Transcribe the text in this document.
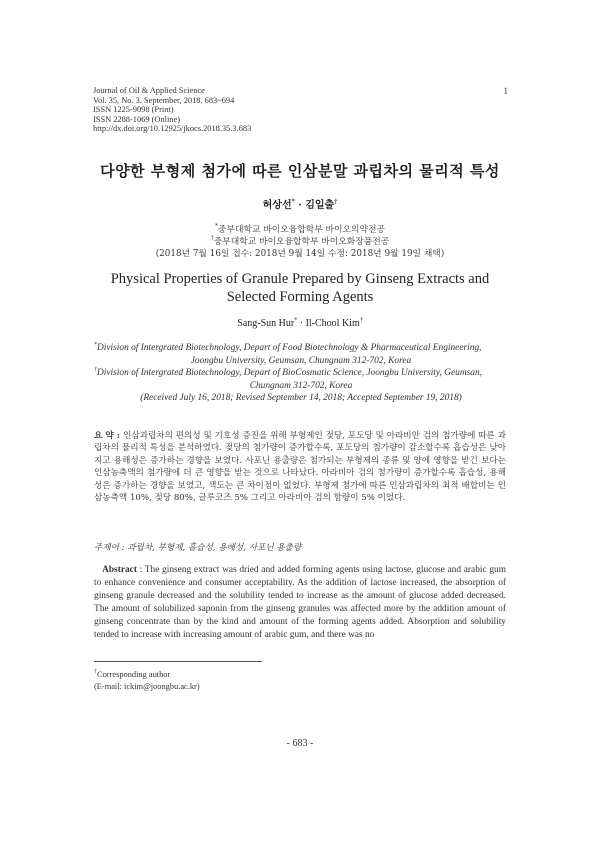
Journal of Oil & Applied Science
Vol. 35, No. 3. September, 2018. 683~694
ISSN 1225-9098 (Print)
ISSN 2288-1069 (Online)
http://dx.doi.org/10.12925/jkocs.2018.35.3.683
1
다양한 부형제 첨가에 따른 인삼분말 과립차의 물리적 특성
허상선* · 김일출†
*중부대학교 바이오융합학부 바이오의약전공
†중부대학교 바이오융합학부 바이오화장품전공
(2018년 7월 16일 접수: 2018년 9월 14일 수정: 2018년 9월 19일 채택)
Physical Properties of Granule Prepared by Ginseng Extracts and
Selected Forming Agents
Sang-Sun Hur* · Il-Chool Kim†
*Division of Intergrated Biotechnology, Depart of Food Biotechnology & Pharmaceutical Engineering,
Joongbu University, Geumsan, Chungnam 312-702, Korea
†Division of Intergrated Biotechnology, Depart of BioCosmatic Science, Joongbu University, Geumsan,
Chungnam 312-702, Korea
(Received July 16, 2018; Revised September 14, 2018; Accepted September 19, 2018)
요 약 : 인삼과립차의 편의성 및 기호성 증진을 위해 부형제인 젖당, 포도당 및 아라비안 검의 첨가량에 따른 과립차의 물리적 특성을 분석하였다. 젖당의 첨가량이 증가할수록, 포도당의 첨가량이 감소할수록 흡습성은 낮아지고 용해성은 증가하는 경향을 보였다. 사포닌 용출량은 첨가되는 부형제의 종류 및 양에 영향을 받긴 보다는 인삼농축액의 첨가량에 더 큰 영향을 받는 것으로 나타났다. 아라비아 검의 첨가량이 증가할수록 흡습성, 용해성은 증가하는 경향을 보였고, 색도는 큰 차이점이 없었다. 부형제 첨가에 따른 인삼과립차의 최적 배합비는 인삼농축액 10%, 젖당 80%, 글루코즈 5% 그리고 아라비아 검의 함량이 5% 이었다.
주제어 : 과립차, 부형제, 흡습성, 용해성, 사포닌 용출량
Abstract : The ginseng extract was dried and added forming agents using lactose, glucose and arabic gum to enhance convenience and consumer acceptability. As the addition of lactose increased, the absorption of ginseng granule decreased and the solubility tended to increase as the amount of glucose added decreased. The amount of solubilized saponin from the ginseng granules was affected more by the addition amount of ginseng concentrate than by the kind and amount of the forming agents added. Absorption and solubility tended to increase with increasing amount of arabic gum, and there was no
†Corresponding author
(E-mail: ickim@joongbu.ac.kr)
- 683 -
